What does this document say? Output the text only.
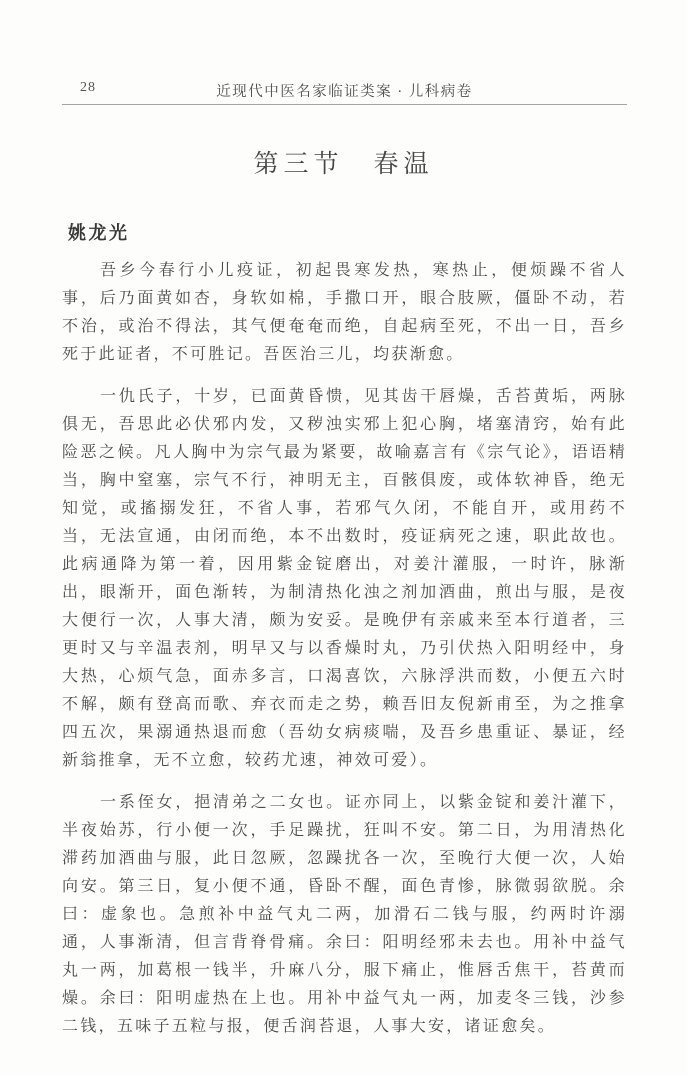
28	近现代中医名家临证类案 · 儿科病卷
第三节　春温
姚龙光

吾乡今春行小儿疫证，初起畏寒发热，寒热止，便烦躁不省人事，后乃面黄如杏，身软如棉，手撒口开，眼合肢厥，僵卧不动，若不治，或治不得法，其气便奄奄而绝，自起病至死，不出一日，吾乡死于此证者，不可胜记。吾医治三儿，均获渐愈。

一仇氏子，十岁，已面黄昏愦，见其齿干唇燥，舌苔黄垢，两脉俱无，吾思此必伏邪内发，又秽浊实邪上犯心胸，堵塞清窍，始有此险恶之候。凡人胸中为宗气最为紧要，故喻嘉言有《宗气论》，语语精当，胸中窒塞，宗气不行，神明无主，百骸俱废，或体软神昏，绝无知觉，或搐搦发狂，不省人事，若邪气久闭，不能自开，或用药不当，无法宣通，由闭而绝，本不出数时，疫证病死之速，职此故也。此病通降为第一着，因用紫金锭磨出，对姜汁灌服，一时许，脉渐出，眼渐开，面色渐转，为制清热化浊之剂加酒曲，煎出与服，是夜大便行一次，人事大清，颇为安妥。是晚伊有亲戚来至本行道者，三更时又与辛温表剂，明早又与以香燥时丸，乃引伏热入阳明经中，身大热，心烦气急，面赤多言，口渴喜饮，六脉浮洪而数，小便五六时不解，颇有登高而歌、弃衣而走之势，赖吾旧友倪新甫至，为之推拿四五次，果溺通热退而愈（吾幼女病痰喘，及吾乡患重证、暴证，经新翁推拿，无不立愈，较药尤速，神效可爱）。

一系侄女，挹清弟之二女也。证亦同上，以紫金锭和姜汁灌下，半夜始苏，行小便一次，手足躁扰，狂叫不安。第二日，为用清热化滞药加酒曲与服，此日忽厥，忽躁扰各一次，至晚行大便一次，人始向安。第三日，复小便不通，昏卧不醒，面色青惨，脉微弱欲脱。余曰：虚象也。急煎补中益气丸二两，加滑石二钱与服，约两时许溺通，人事渐清，但言背脊骨痛。余曰：阳明经邪未去也。用补中益气丸一两，加葛根一钱半，升麻八分，服下痛止，惟唇舌焦干，苔黄而燥。余曰：阳明虚热在上也。用补中益气丸一两，加麦冬三钱，沙参二钱，五味子五粒与报，便舌润苔退，人事大安，诸证愈矣。
